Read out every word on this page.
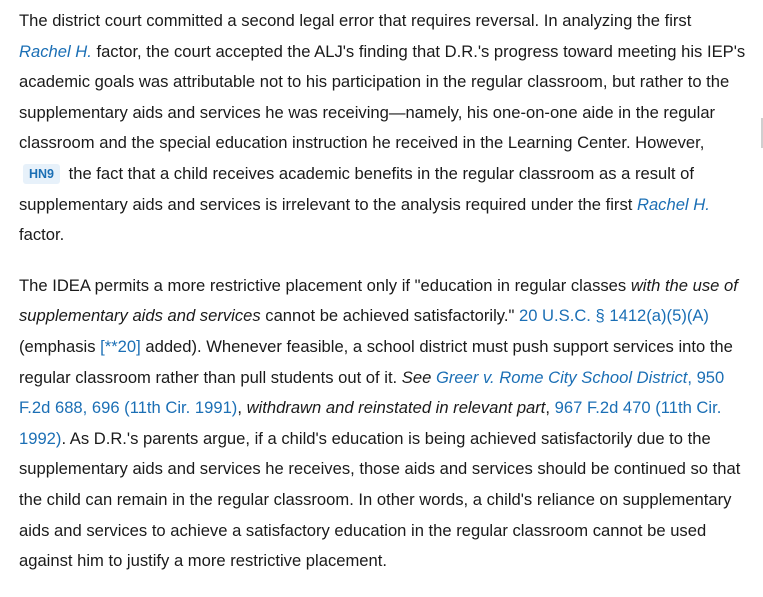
The district court committed a second legal error that requires reversal. In analyzing the first Rachel H. factor, the court accepted the ALJ's finding that D.R.'s progress toward meeting his IEP's academic goals was attributable not to his participation in the regular classroom, but rather to the supplementary aids and services he was receiving—namely, his one-on-one aide in the regular classroom and the special education instruction he received in the Learning Center. However, HN9 the fact that a child receives academic benefits in the regular classroom as a result of supplementary aids and services is irrelevant to the analysis required under the first Rachel H. factor.

The IDEA permits a more restrictive placement only if "education in regular classes with the use of supplementary aids and services cannot be achieved satisfactorily." 20 U.S.C. § 1412(a)(5)(A) (emphasis [**20] added). Whenever feasible, a school district must push support services into the regular classroom rather than pull students out of it. See Greer v. Rome City School District, 950 F.2d 688, 696 (11th Cir. 1991), withdrawn and reinstated in relevant part, 967 F.2d 470 (11th Cir. 1992). As D.R.'s parents argue, if a child's education is being achieved satisfactorily due to the supplementary aids and services he receives, those aids and services should be continued so that the child can remain in the regular classroom. In other words, a child's reliance on supplementary aids and services to achieve a satisfactory education in the regular classroom cannot be used against him to justify a more restrictive placement.
